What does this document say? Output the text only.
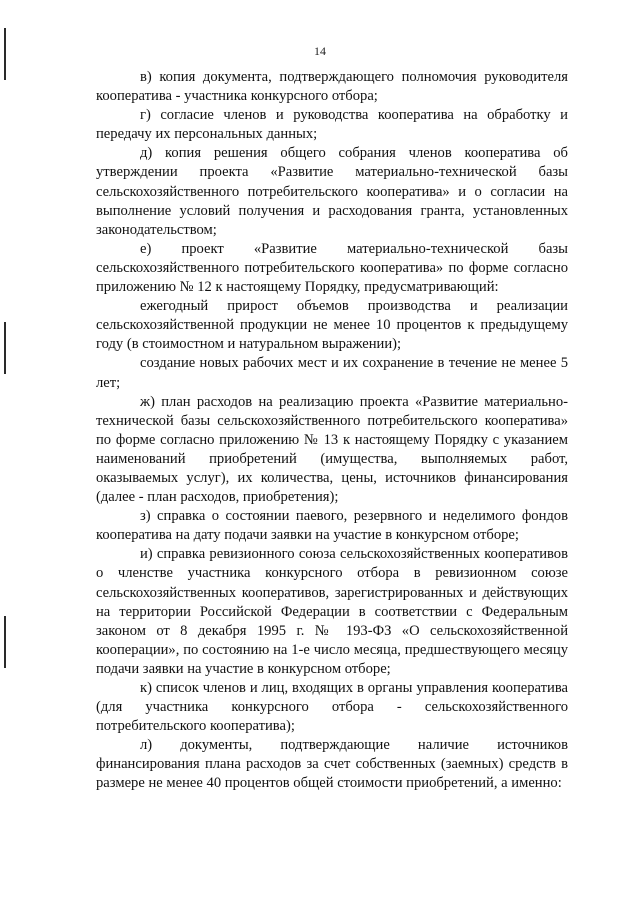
14

в) копия документа, подтверждающего полномочия руководителя кооператива - участника конкурсного отбора;

г) согласие членов и руководства кооператива на обработку и передачу их персональных данных;

д) копия решения общего собрания членов кооператива об утверждении проекта «Развитие материально-технической базы сельскохозяйственного потребительского кооператива» и о согласии на выполнение условий получения и расходования гранта, установленных законодательством;

е) проект «Развитие материально-технической базы сельскохозяйственного потребительского кооператива» по форме согласно приложению № 12 к настоящему Порядку, предусматривающий:

ежегодный прирост объемов производства и реализации сельскохозяйственной продукции не менее 10 процентов к предыдущему году (в стоимостном и натуральном выражении);

создание новых рабочих мест и их сохранение в течение не менее 5 лет;

ж) план расходов на реализацию проекта «Развитие материально-технической базы сельскохозяйственного потребительского кооператива» по форме согласно приложению № 13 к настоящему Порядку с указанием наименований приобретений (имущества, выполняемых работ, оказываемых услуг), их количества, цены, источников финансирования (далее - план расходов, приобретения);

з) справка о состоянии паевого, резервного и неделимого фондов кооператива на дату подачи заявки на участие в конкурсном отборе;

и) справка ревизионного союза сельскохозяйственных кооперативов о членстве участника конкурсного отбора в ревизионном союзе сельскохозяйственных кооперативов, зарегистрированных и действующих на территории Российской Федерации в соответствии с Федеральным законом от 8 декабря 1995 г. № 193-ФЗ «О сельскохозяйственной кооперации», по состоянию на 1-е число месяца, предшествующего месяцу подачи заявки на участие в конкурсном отборе;

к) список членов и лиц, входящих в органы управления кооператива (для участника конкурсного отбора - сельскохозяйственного потребительского кооператива);

л) документы, подтверждающие наличие источников финансирования плана расходов за счет собственных (заемных) средств в размере не менее 40 процентов общей стоимости приобретений, а именно:
